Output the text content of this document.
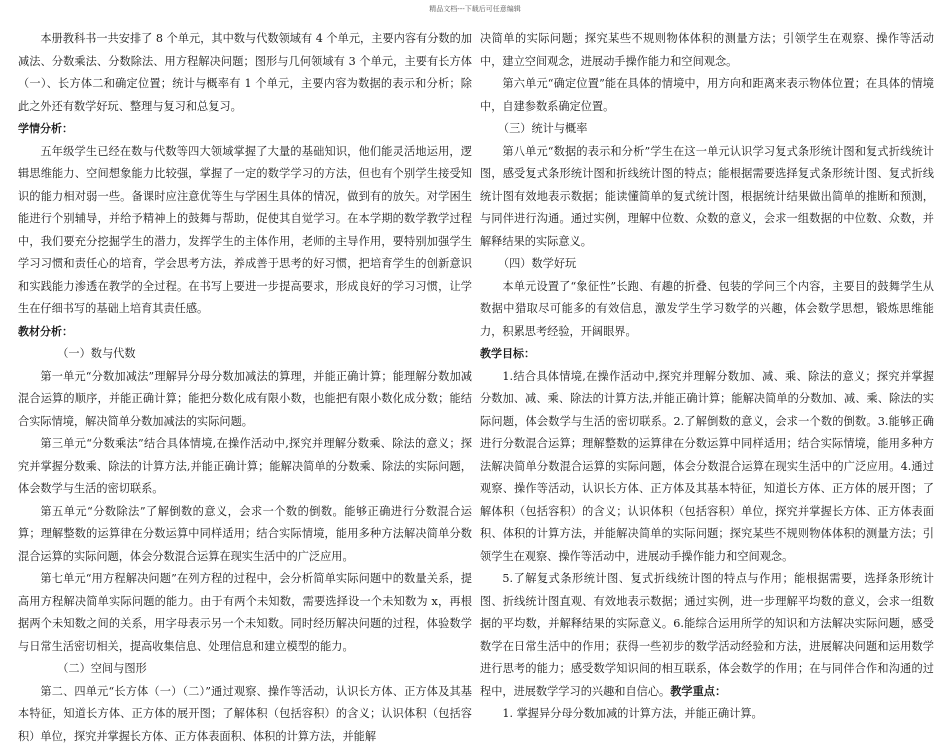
精品文档---下载后可任意编辑

本册教科书一共安排了 8 个单元，其中数与代数领域有 4 个单元，主要内容有分数的加减法、分数乘法、分数除法、用方程解决问题；图形与几何领域有 3 个单元，主要有长方体（一）、长方体二和确定位置；统计与概率有 1 个单元，主要内容为数据的表示和分析；除此之外还有数学好玩、整理与复习和总复习。

学情分析：

五年级学生已经在数与代数等四大领域掌握了大量的基础知识，他们能灵活地运用，逻辑思维能力、空间想象能力比较强，掌握了一定的数学学习的方法，但也有个别学生接受知识的能力相对弱一些。备课时应注意优等生与学困生具体的情况，做到有的放矢。对学困生能进行个别辅导，并给予精神上的鼓舞与帮助，促使其自觉学习。在本学期的数学教学过程中，我们要充分挖掘学生的潜力，发挥学生的主体作用，老师的主导作用，要特别加强学生学习习惯和责任心的培育，学会思考方法，养成善于思考的好习惯，把培育学生的创新意识和实践能力渗透在教学的全过程。在书写上要进一步提高要求，形成良好的学习习惯，让学生在仔细书写的基础上培育其责任感。

教材分析：

（一）数与代数

第一单元“分数加减法”理解异分母分数加减法的算理，并能正确计算；能理解分数加减混合运算的顺序，并能正确计算；能把分数化成有限小数，也能把有限小数化成分数；能结合实际情境，解决简单分数加减法的实际问题。

第三单元“分数乘法”结合具体情境,在操作活动中,探究并理解分数乘、除法的意义；探究并掌握分数乘、除法的计算方法,并能正确计算；能解决简单的分数乘、除法的实际问题，体会数学与生活的密切联系。

第五单元“分数除法”了解倒数的意义，会求一个数的倒数。能够正确进行分数混合运算；理解整数的运算律在分数运算中同样适用；结合实际情境，能用多种方法解决简单分数混合运算的实际问题，体会分数混合运算在现实生活中的广泛应用。

第七单元“用方程解决问题”在列方程的过程中，会分析简单实际问题中的数量关系，提高用方程解决简单实际问题的能力。由于有两个未知数，需要选择设一个未知数为 x，再根据两个未知数之间的关系，用字母表示另一个未知数。同时经历解决问题的过程，体验数学与日常生活密切相关，提高收集信息、处理信息和建立模型的能力。

（二）空间与图形

第二、四单元“长方体（一）（二）”通过观察、操作等活动，认识长方体、正方体及其基本特征，知道长方体、正方体的展开图；了解体积（包括容积）的含义；认识体积（包括容积）单位，探究并掌握长方体、正方体表面积、体积的计算方法，并能解

决简单的实际问题；探究某些不规则物体体积的测量方法；引领学生在观察、操作等活动中，建立空间观念，进展动手操作能力和空间观念。

第六单元“确定位置”能在具体的情境中，用方向和距离来表示物体位置；在具体的情境中，自建参数系确定位置。

（三）统计与概率

第八单元“数据的表示和分析”学生在这一单元认识学习复式条形统计图和复式折线统计图，感受复式条形统计图和折线统计图的特点；能根据需要选择复式条形统计图、复式折线统计图有效地表示数据；能读懂简单的复式统计图，根据统计结果做出简单的推断和预测，与同伴进行沟通。通过实例，理解中位数、众数的意义，会求一组数据的中位数、众数，并解释结果的实际意义。

（四）数学好玩

本单元设置了“象征性”长跑、有趣的折叠、包装的学问三个内容，主要目的鼓舞学生从数据中猎取尽可能多的有效信息，激发学生学习数学的兴趣，体会数学思想，锻炼思维能力，积累思考经验，开阔眼界。

教学目标：

1.结合具体情境,在操作活动中,探究并理解分数加、减、乘、除法的意义；探究并掌握分数加、减、乘、除法的计算方法,并能正确计算；能解决简单的分数加、减、乘、除法的实际问题，体会数学与生活的密切联系。2.了解倒数的意义，会求一个数的倒数。3.能够正确进行分数混合运算；理解整数的运算律在分数运算中同样适用；结合实际情境，能用多种方法解决简单分数混合运算的实际问题，体会分数混合运算在现实生活中的广泛应用。4.通过观察、操作等活动，认识长方体、正方体及其基本特征，知道长方体、正方体的展开图；了解体积（包括容积）的含义；认识体积（包括容积）单位，探究并掌握长方体、正方体表面积、体积的计算方法，并能解决简单的实际问题；探究某些不规则物体体积的测量方法；引领学生在观察、操作等活动中，进展动手操作能力和空间观念。

5.了解复式条形统计图、复式折线统计图的特点与作用；能根据需要，选择条形统计图、折线统计图直观、有效地表示数据；通过实例，进一步理解平均数的意义，会求一组数据的平均数，并解释结果的实际意义。6.能综合运用所学的知识和方法解决实际问题，感受数学在日常生活中的作用；获得一些初步的数学活动经验和方法，进展解决问题和运用数学进行思考的能力；感受数学知识间的相互联系，体会数学的作用；在与同伴合作和沟通的过程中，进展数学学习的兴趣和自信心。教学重点：

1. 掌握异分母分数加减的计算方法，并能正确计算。
